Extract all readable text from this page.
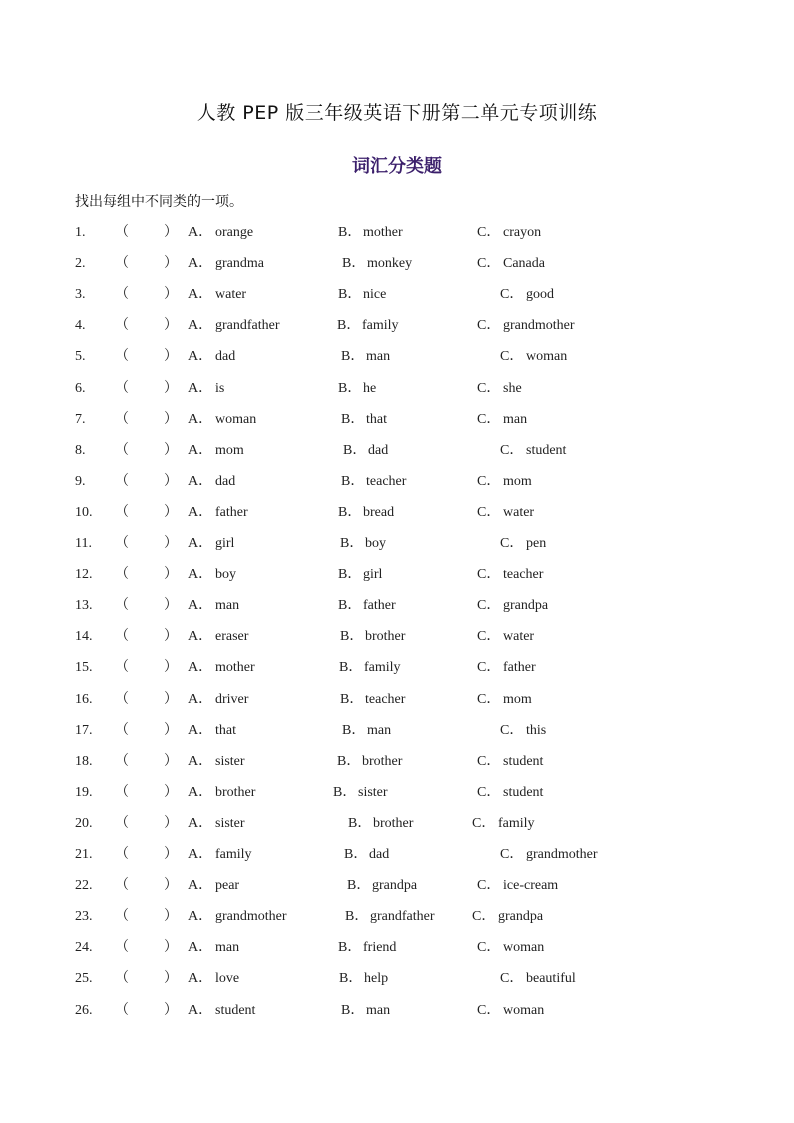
人教 PEP 版三年级英语下册第二单元专项训练
词汇分类题
找出每组中不同类的一项。
1. （	） A． orange	B． mother	C． crayon
2. （	） A． grandma	B． monkey	C． Canada
3. （	） A． water	B． nice	C． good
4. （	） A． grandfather	B． family	C． grandmother
5. （	） A． dad	B． man	C． woman
6. （	） A． is	B． he	C． she
7. （	） A． woman	B． that	C． man
8. （	） A． mom	B． dad	C． student
9. （	） A． dad	B． teacher	C． mom
10. （	） A． father	B． bread	C． water
11. （	） A． girl	B． boy	C． pen
12. （	） A． boy	B． girl	C． teacher
13. （	） A． man	B． father	C． grandpa
14. （	） A． eraser	B． brother	C． water
15. （	） A． mother	B． family	C． father
16. （	） A． driver	B． teacher	C． mom
17. （	） A． that	B． man	C． this
18. （	） A． sister	B． brother	C． student
19. （	） A． brother	B． sister	C． student
20. （	） A． sister	B． brother	C． family
21. （	） A． family	B． dad	C． grandmother
22. （	） A． pear	B． grandpa	C． ice-cream
23. （	） A． grandmother	B． grandfather	C． grandpa
24. （	） A． man	B． friend	C． woman
25. （	） A． love	B． help	C． beautiful
26. （	） A． student	B． man	C． woman
